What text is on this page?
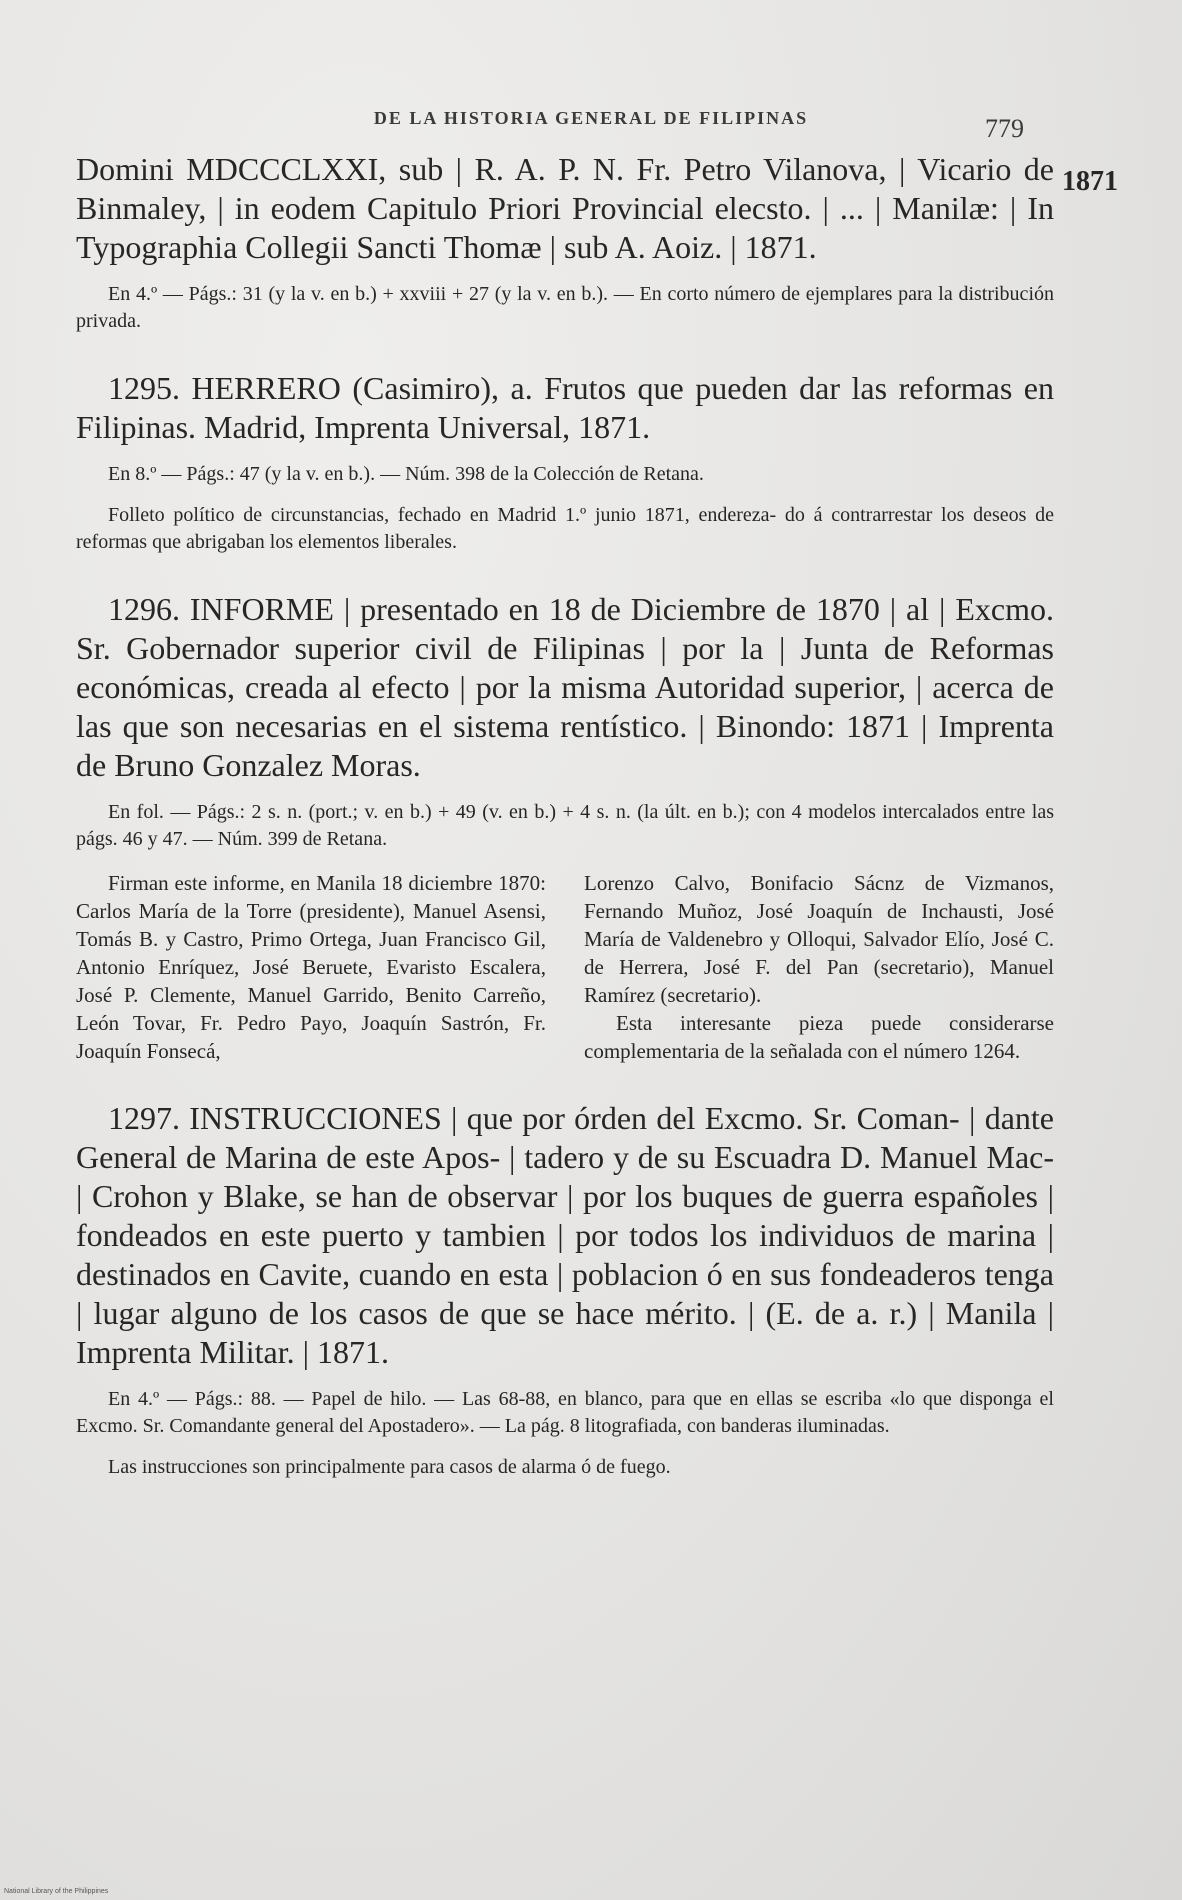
DE LA HISTORIA GENERAL DE FILIPINAS	779
1871

Domini MDCCCLXXI, sub | R. A. P. N. Fr. Petro Vilanova, | Vicario de Binmaley, | in eodem Capitulo Priori Provincial elecsto. | ... | Manilæ: | In Typographia Collegii Sancti Thomæ | sub A. Aoiz. | 1871.

En 4.º — Págs.: 31 (y la v. en b.) + xxviii + 27 (y la v. en b.). — En corto número de ejemplares para la distribución privada.

1295. HERRERO (Casimiro), a. Frutos que pueden dar las reformas en Filipinas. Madrid, Imprenta Universal, 1871.

En 8.º — Págs.: 47 (y la v. en b.). — Núm. 398 de la Colección de Retana.

Folleto político de circunstancias, fechado en Madrid 1.º junio 1871, endereza- do á contrarrestar los deseos de reformas que abrigaban los elementos liberales.

1296. INFORME | presentado en 18 de Diciembre de 1870 | al | Excmo. Sr. Gobernador superior civil de Filipinas | por la | Junta de Reformas económicas, creada al efecto | por la misma Autoridad superior, | acerca de las que son necesarias en el sistema rentístico. | Binondo: 1871 | Imprenta de Bruno Gonzalez Moras.

En fol. — Págs.: 2 s. n. (port.; v. en b.) + 49 (v. en b.) + 4 s. n. (la últ. en b.); con 4 modelos intercalados entre las págs. 46 y 47. — Núm. 399 de Retana.

Firman este informe, en Manila 18 diciembre 1870: Carlos María de la Torre (presidente), Manuel Asensi, Tomás B. y Castro, Primo Ortega, Juan Francisco Gil, Antonio Enríquez, José Beruete, Evaristo Escalera, José P. Clemente, Manuel Garrido, Benito Carreño, León Tovar, Fr. Pedro Payo, Joaquín Sastrón, Fr. Joaquín Fonsecá,

Lorenzo Calvo, Bonifacio Sácnz de Vizmanos, Fernando Muñoz, José Joaquín de Inchausti, José María de Valdenebro y Olloqui, Salvador Elío, José C. de Herrera, José F. del Pan (secretario), Manuel Ramírez (secretario).

Esta interesante pieza puede considerarse complementaria de la señalada con el número 1264.

1297. INSTRUCCIONES | que por órden del Excmo. Sr. Coman- | dante General de Marina de este Apos- | tadero y de su Escuadra D. Manuel Mac- | Crohon y Blake, se han de observar | por los buques de guerra españoles | fondeados en este puerto y tambien | por todos los individuos de marina | destinados en Cavite, cuando en esta | poblacion ó en sus fondeaderos tenga | lugar alguno de los casos de que se hace mérito. | (E. de a. r.) | Manila | Imprenta Militar. | 1871.

En 4.º — Págs.: 88. — Papel de hilo. — Las 68-88, en blanco, para que en ellas se escriba «lo que disponga el Excmo. Sr. Comandante general del Apostadero». — La pág. 8 litografiada, con banderas iluminadas.

Las instrucciones son principalmente para casos de alarma ó de fuego.

National Library of the Philippines
